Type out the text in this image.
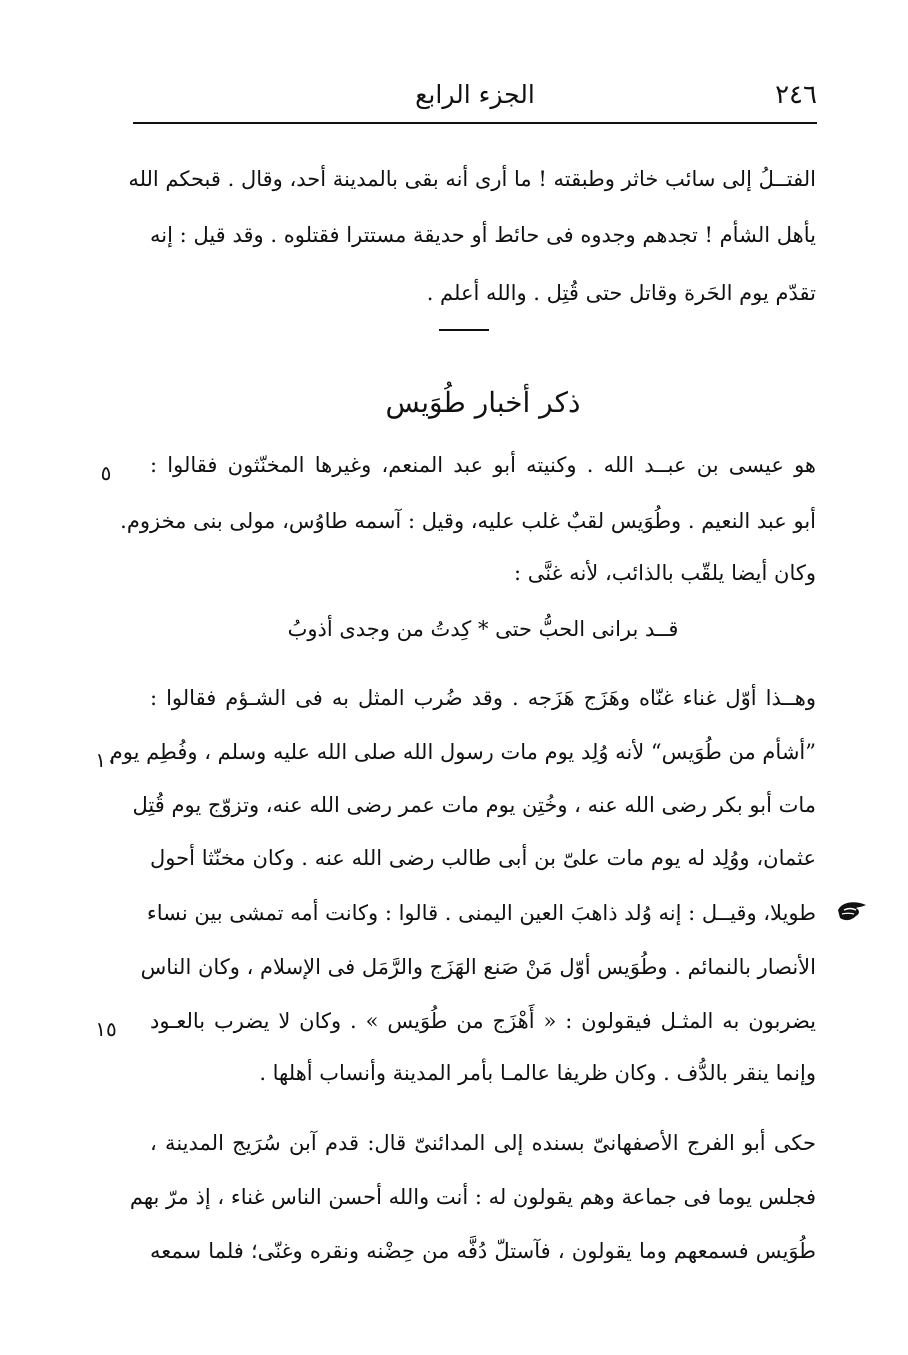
٢٤٦
الجزء الرابع
الفتــلُ إلى سائب خاثر وطبقته ! ما أرى أنه بقى بالمدينة أحد، وقال . قبحكم الله
يأهل الشأم ! تجدهم وجدوه فى حائط أو حديقة مستترا فقتلوه . وقد قيل : إنه
تقدّم يوم الحَرة وقاتل حتى قُتِل . والله أعلم .
ذكر أخبار طُوَيس
هو عيسى بن عبــد الله . وكنيته أبو عبد المنعم، وغيرها المخنّثون فقالوا :
أبو عبد النعيم . وطُوَيس لقبٌ غلب عليه، وقيل : آسمه طاوُس، مولى بنى مخزوم.
وكان أيضا يلقّب بالذائب، لأنه غنَّى :
قــد برانى الحبُّ حتى * كِدتُ من وجدى أذوبُ
وهــذا أوّل غناء غنّاه وهَزَج هَزَجه . وقد ضُرب المثل به فى الشـؤم فقالوا :
”أشأم من طُوَيس“ لأنه وُلِد يوم مات رسول الله صلى الله عليه وسلم ، وفُطِم يوم
مات أبو بكر رضى الله عنه ، وخُتِن يوم مات عمر رضى الله عنه، وتزوّج يوم قُتِل
عثمان، ووُلِد له يوم مات علىّ بن أبى طالب رضى الله عنه . وكان مخنّثا أحول
طويلا، وقيــل : إنه وُلد ذاهبَ العين اليمنى . قالوا : وكانت أمه تمشى بين نساء
الأنصار بالنمائم . وطُوَيس أوّل مَنْ صَنع الهَزَج والرَّمَل فى الإسلام ، وكان الناس
يضربون به المثـل فيقولون : « أَهْزَج من طُوَيس » . وكان لا يضرب بالعـود
وإنما ينقر بالدُّف . وكان ظريفا عالمـا بأمر المدينة وأنساب أهلها .
حكى أبو الفرج الأصفهانىّ بسنده إلى المدائنىّ قال: قدم آبن سُرَيج المدينة ،
فجلس يوما فى جماعة وهم يقولون له : أنت والله أحسن الناس غناء ، إذ مرّ بهم
طُوَيس فسمعهم وما يقولون ، فآستلّ دُفَّه من حِضْنه ونقره وغنّى؛ فلما سمعه
٥
١٠
١٥
